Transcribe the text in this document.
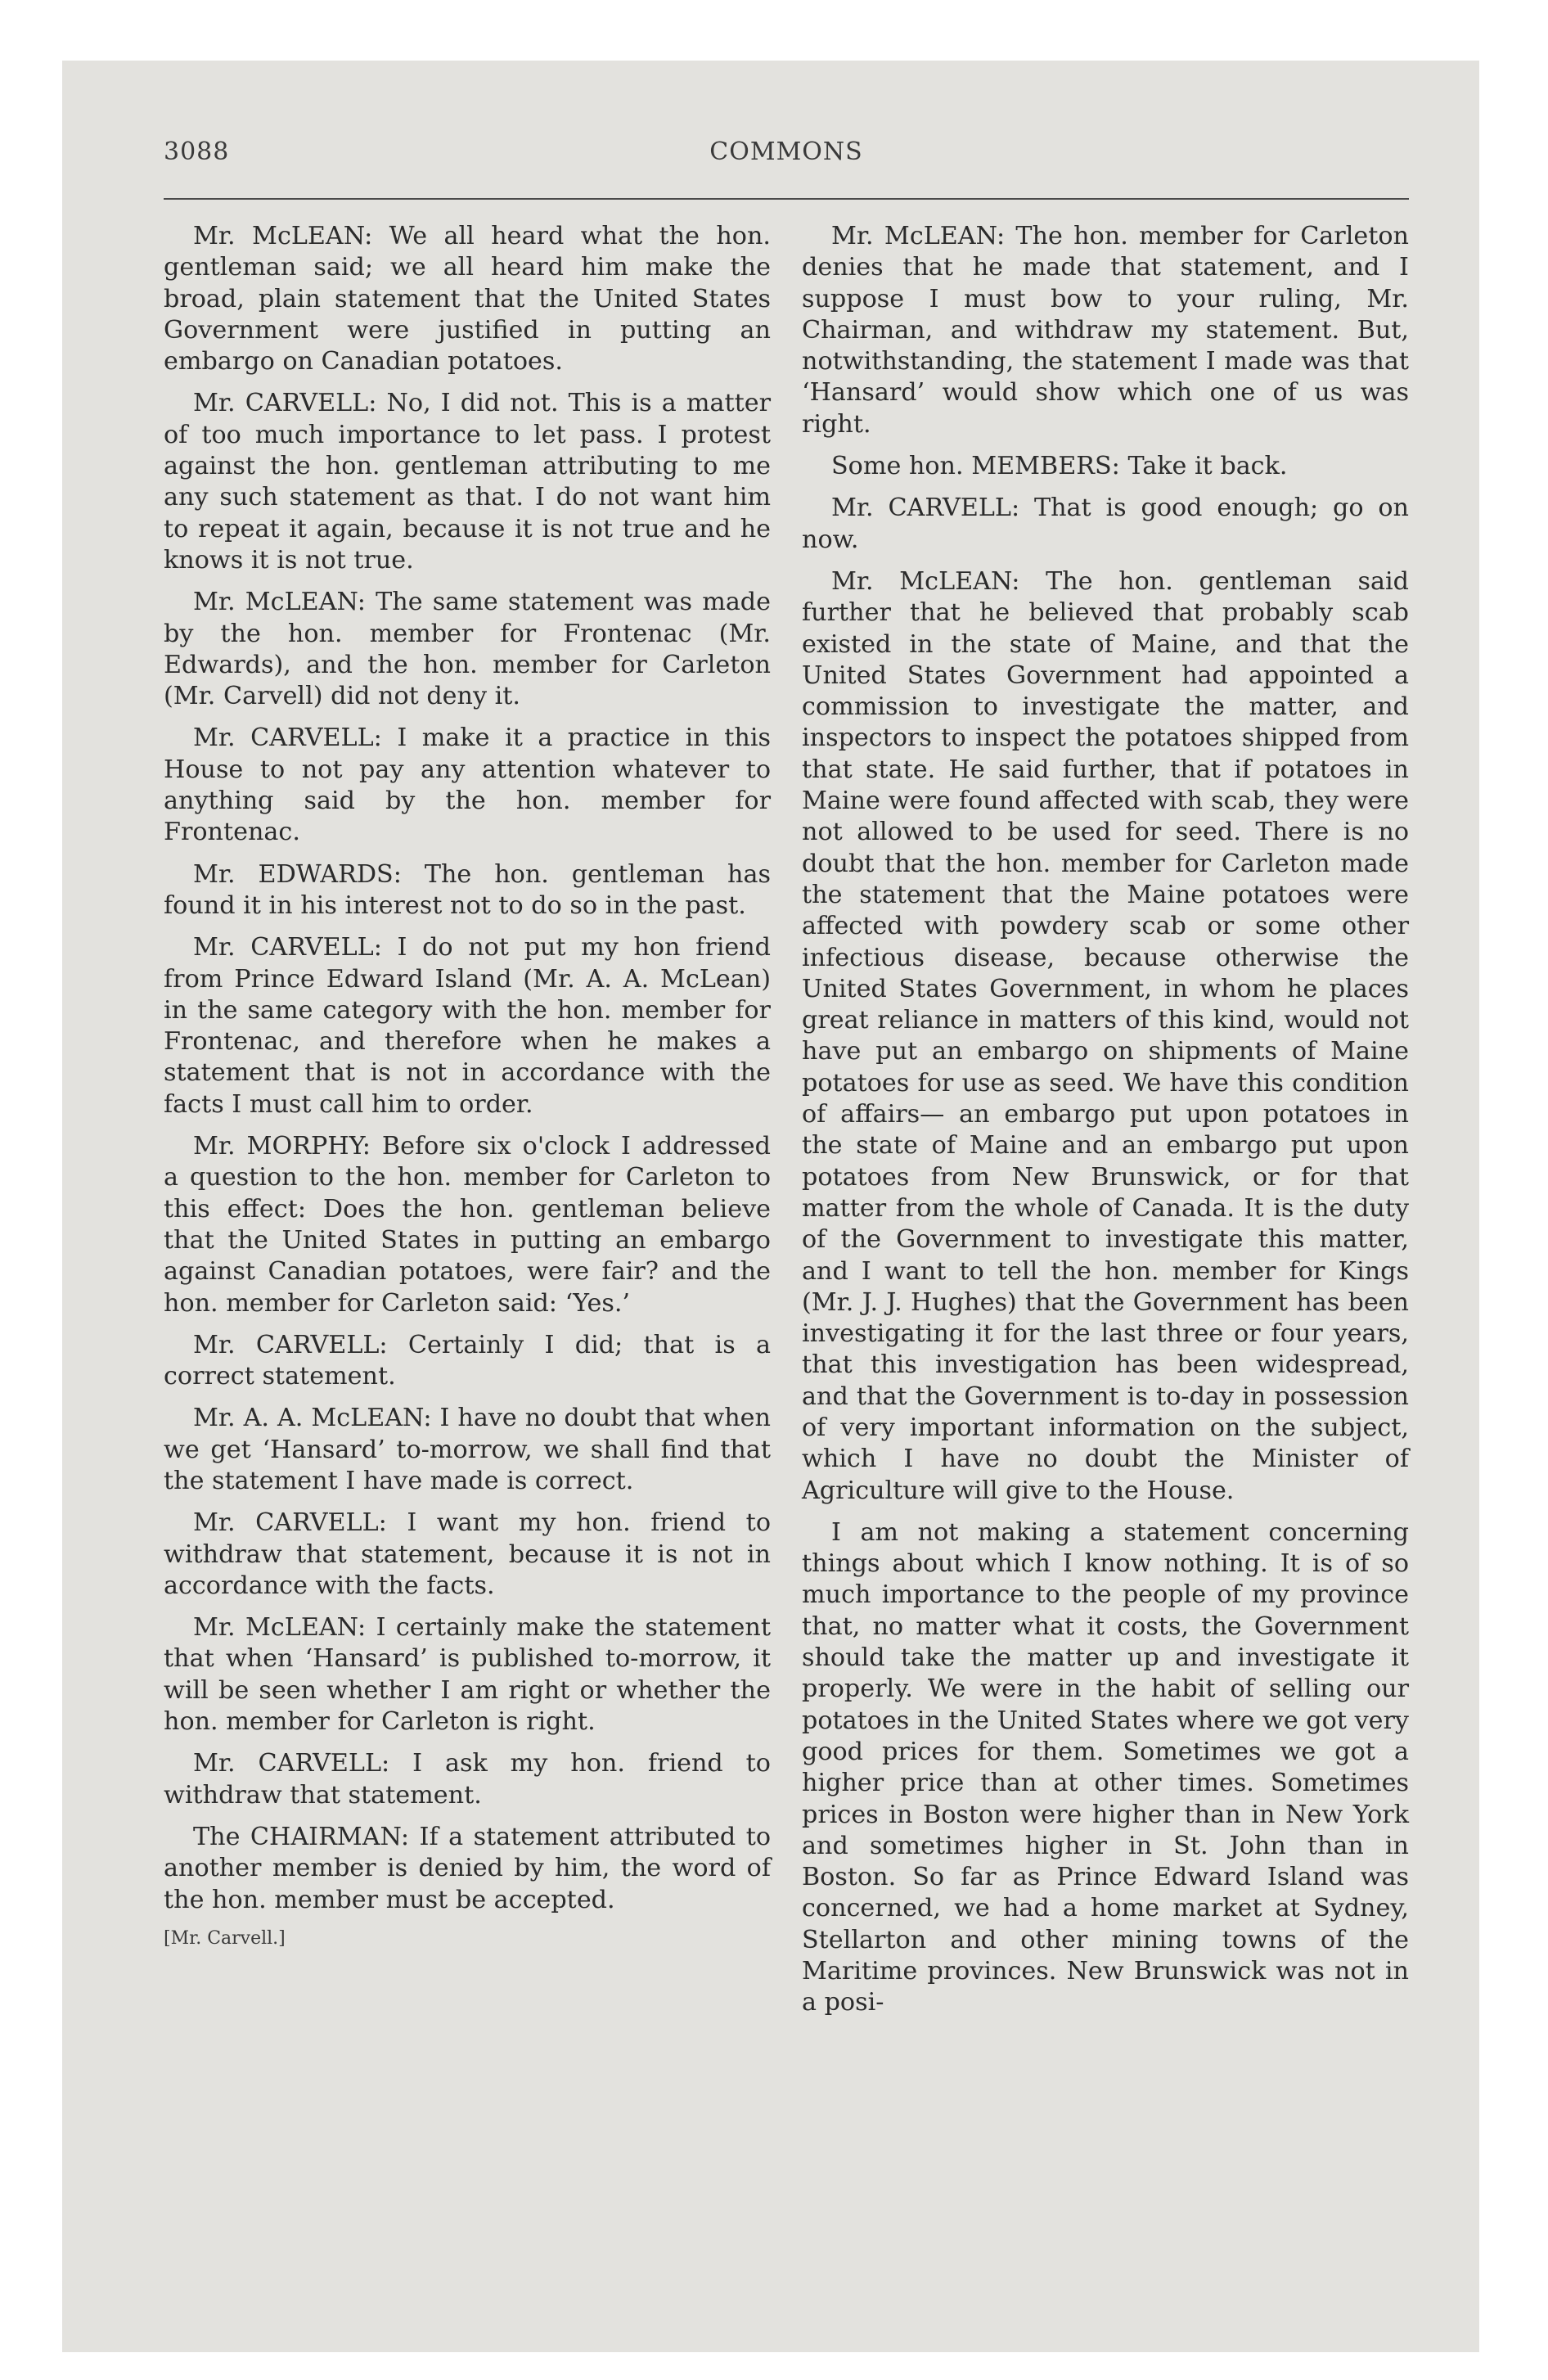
3088	COMMONS

Mr. McLEAN: We all heard what the hon. gentleman said; we all heard him make the broad, plain statement that the United States Government were justified in putting an embargo on Canadian potatoes.

Mr. CARVELL: No, I did not. This is a matter of too much importance to let pass. I protest against the hon. gentleman attributing to me any such statement as that. I do not want him to repeat it again, because it is not true and he knows it is not true.

Mr. McLEAN: The same statement was made by the hon. member for Frontenac (Mr. Edwards), and the hon. member for Carleton (Mr. Carvell) did not deny it.

Mr. CARVELL: I make it a practice in this House to not pay any attention whatever to anything said by the hon. member for Frontenac.

Mr. EDWARDS: The hon. gentleman has found it in his interest not to do so in the past.

Mr. CARVELL: I do not put my hon friend from Prince Edward Island (Mr. A. A. McLean) in the same category with the hon. member for Frontenac, and therefore when he makes a statement that is not in accordance with the facts I must call him to order.

Mr. MORPHY: Before six o'clock I addressed a question to the hon. member for Carleton to this effect: Does the hon. gentleman believe that the United States in putting an embargo against Canadian potatoes, were fair? and the hon. member for Carleton said: ‘Yes.’

Mr. CARVELL: Certainly I did; that is a correct statement.

Mr. A. A. McLEAN: I have no doubt that when we get ‘Hansard’ to-morrow, we shall find that the statement I have made is correct.

Mr. CARVELL: I want my hon. friend to withdraw that statement, because it is not in accordance with the facts.

Mr. McLEAN: I certainly make the statement that when ‘Hansard’ is published to-morrow, it will be seen whether I am right or whether the hon. member for Carleton is right.

Mr. CARVELL: I ask my hon. friend to withdraw that statement.

The CHAIRMAN: If a statement attributed to another member is denied by him, the word of the hon. member must be accepted.

[Mr. Carvell.]

Mr. McLEAN: The hon. member for Carleton denies that he made that statement, and I suppose I must bow to your ruling, Mr. Chairman, and withdraw my statement. But, notwithstanding, the statement I made was that ‘Hansard’ would show which one of us was right.

Some hon. MEMBERS: Take it back.

Mr. CARVELL: That is good enough; go on now.

Mr. McLEAN: The hon. gentleman said further that he believed that probably scab existed in the state of Maine, and that the United States Government had appointed a commission to investigate the matter, and inspectors to inspect the potatoes shipped from that state. He said further, that if potatoes in Maine were found affected with scab, they were not allowed to be used for seed. There is no doubt that the hon. member for Carleton made the statement that the Maine potatoes were affected with powdery scab or some other infectious disease, because otherwise the United States Government, in whom he places great reliance in matters of this kind, would not have put an embargo on shipments of Maine potatoes for use as seed. We have this condition of affairs— an embargo put upon potatoes in the state of Maine and an embargo put upon potatoes from New Brunswick, or for that matter from the whole of Canada. It is the duty of the Government to investigate this matter, and I want to tell the hon. member for Kings (Mr. J. J. Hughes) that the Government has been investigating it for the last three or four years, that this investigation has been widespread, and that the Government is to-day in possession of very important information on the subject, which I have no doubt the Minister of Agriculture will give to the House.

I am not making a statement concerning things about which I know nothing. It is of so much importance to the people of my province that, no matter what it costs, the Government should take the matter up and investigate it properly. We were in the habit of selling our potatoes in the United States where we got very good prices for them. Sometimes we got a higher price than at other times. Sometimes prices in Boston were higher than in New York and sometimes higher in St. John than in Boston. So far as Prince Edward Island was concerned, we had a home market at Sydney, Stellarton and other mining towns of the Maritime provinces. New Brunswick was not in a posi-
